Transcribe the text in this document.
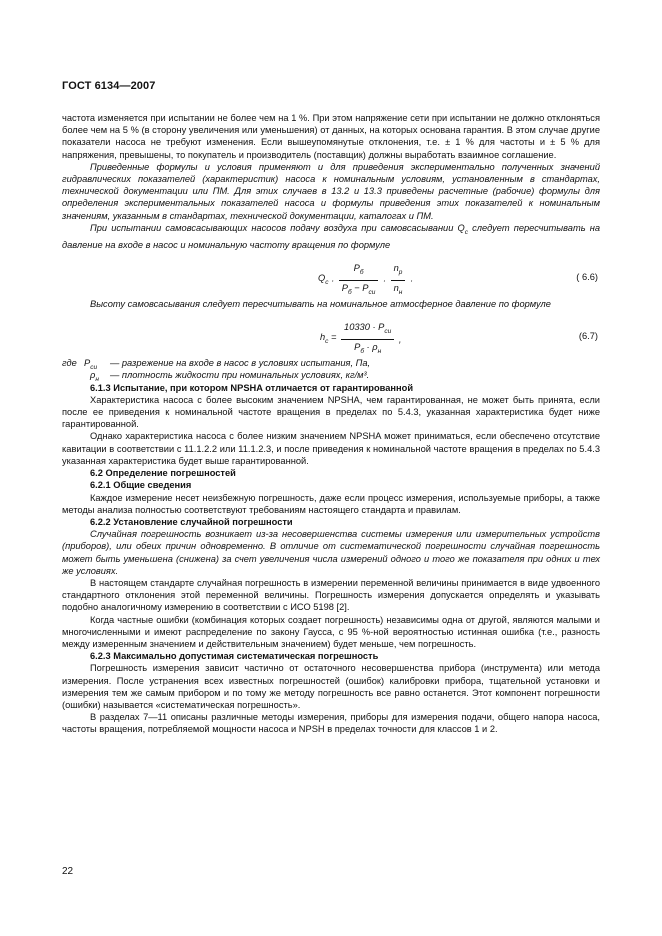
ГОСТ 6134—2007

частота изменяется при испытании не более чем на 1 %. При этом напряжение сети при испытании не должно отклоняться более чем на 5 % (в сторону увеличения или уменьшения) от данных, на которых основана гарантия. В этом случае другие показатели насоса не требуют изменения. Если вышеупомянутые отклонения, т.е. ± 1 % для частоты и ± 5 % для напряжения, превышены, то покупатель и производитель (поставщик) должны выработать взаимное соглашение.

Приведенные формулы и условия применяют и для приведения экспериментально полученных значений гидравлических показателей (характеристик) насоса к номинальным условиям, установленным в стандартах, технической документации или ПМ. Для этих случаев в 13.2 и 13.3 приведены расчетные (рабочие) формулы для определения экспериментальных показателей насоса и формулы приведения этих показателей к номинальным значениям, указанным в стандартах, технической документации, каталогах и ПМ.

При испытании самовсасывающих насосов подачу воздуха при самовсасывании $Q_c$ следует пересчитывать на давление на входе в насос и номинальную частоту вращения по формуле

$Q_c \cdot \frac{P_б}{P_б - P_{си}} \cdot \frac{n_р}{n_н}$ ·	( 6.6)

Высоту самовсасывания следует пересчитывать на номинальное атмосферное давление по формуле

$h_c = \frac{10330 \cdot P_{си}}{P_б \cdot \rho_н}$ ,	(6.7)
где $P_{си}$ — разрежение на входе в насос в условиях испытания, Па,
$\rho_н$ — плотность жидкости при номинальных условиях, кг/м³.

6.1.3 Испытание, при котором NPSHA отличается от гарантированной

Характеристика насоса с более высоким значением NPSHA, чем гарантированная, не может быть принята, если после ее приведения к номинальной частоте вращения в пределах по 5.4.3, указанная характеристика будет ниже гарантированной.

Однако характеристика насоса с более низким значением NPSHA может приниматься, если обеспечено отсутствие кавитации в соответствии с 11.1.2.2 или 11.1.2.3, и после приведения к номинальной частоте вращения в пределах по 5.4.3 указанная характеристика будет выше гарантированной.

6.2 Определение погрешностей

6.2.1 Общие сведения

Каждое измерение несет неизбежную погрешность, даже если процесс измерения, используемые приборы, а также методы анализа полностью соответствуют требованиям настоящего стандарта и правилам.

6.2.2 Установление случайной погрешности

Случайная погрешность возникает из-за несовершенства системы измерения или измерительных устройств (приборов), или обеих причин одновременно. В отличие от систематической погрешности случайная погрешность может быть уменьшена (снижена) за счет увеличения числа измерений одного и того же показателя при одних и тех же условиях.

В настоящем стандарте случайная погрешность в измерении переменной величины принимается в виде удвоенного стандартного отклонения этой переменной величины. Погрешность измерения допускается определять и указывать подобно аналогичному измерению в соответствии с ИСО 5198 [2].

Когда частные ошибки (комбинация которых создает погрешность) независимы одна от другой, являются малыми и многочисленными и имеют распределение по закону Гаусса, с 95 %-ной вероятностью истинная ошибка (т.е., разность между измеренным значением и действительным значением) будет меньше, чем погрешность.

6.2.3 Максимально допустимая систематическая погрешность

Погрешность измерения зависит частично от остаточного несовершенства прибора (инструмента) или метода измерения. После устранения всех известных погрешностей (ошибок) калибровки прибора, тщательной установки и измерения тем же самым прибором и по тому же методу погрешность все равно останется. Этот компонент погрешности (ошибки) называется «систематическая погрешность».

В разделах 7—11 описаны различные методы измерения, приборы для измерения подачи, общего напора насоса, частоты вращения, потребляемой мощности насоса и NPSH в пределах точности для классов 1 и 2.

22
